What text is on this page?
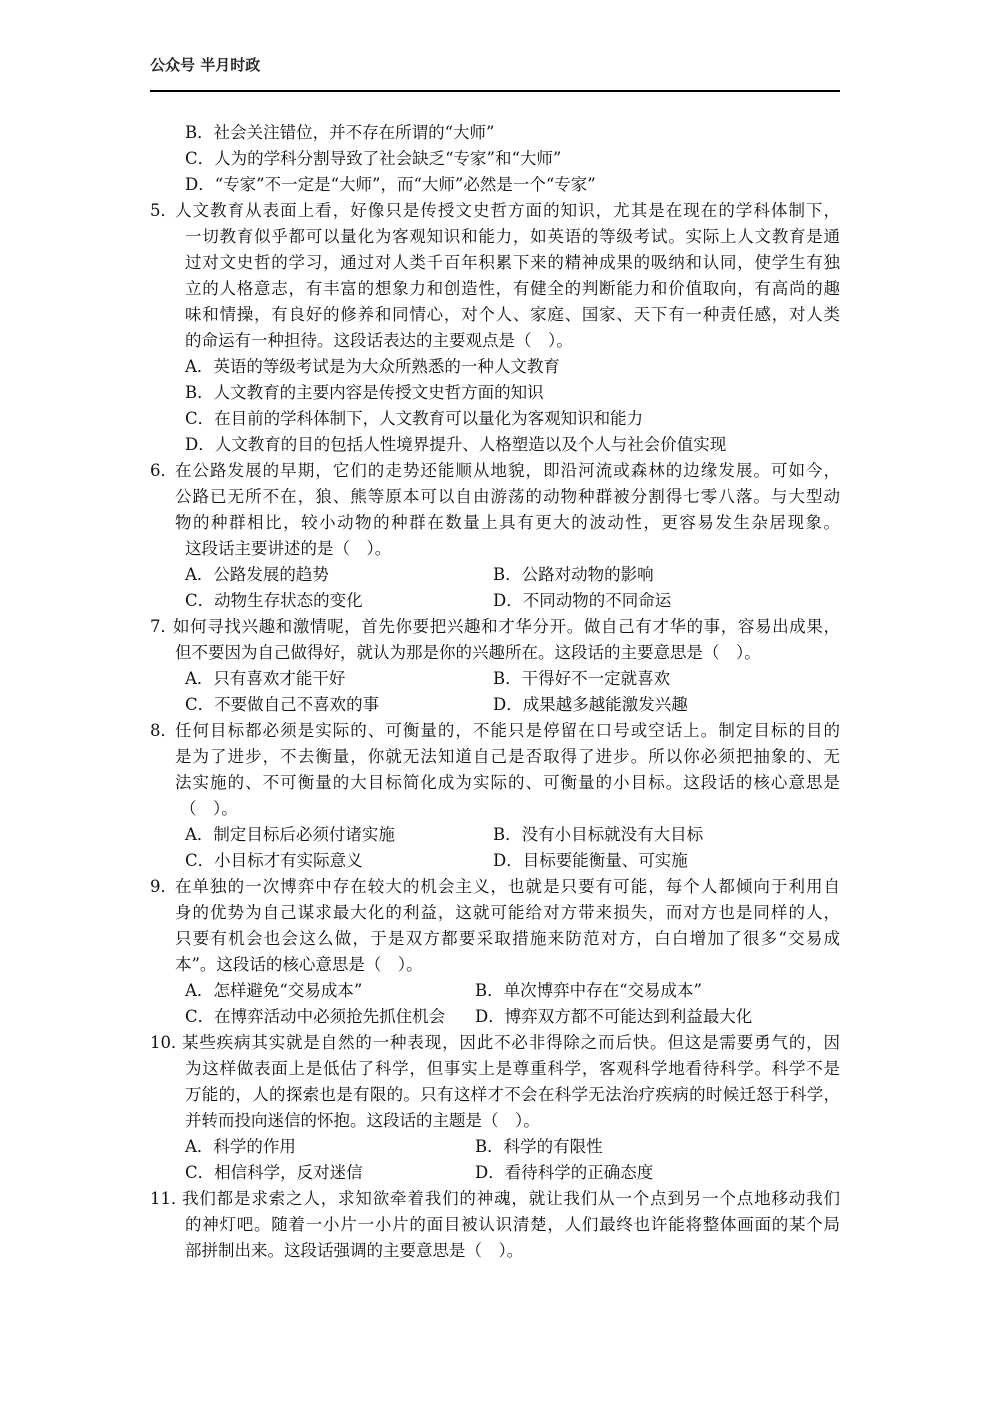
公众号 半月时政
B．社会关注错位，并不存在所谓的“大师”
C．人为的学科分割导致了社会缺乏“专家”和“大师”
D．“专家”不一定是“大师”，而“大师”必然是一个“专家”
5．
人文教育从表面上看，好像只是传授文史哲方面的知识，尤其是在现在的学科体制下，
一切教育似乎都可以量化为客观知识和能力，如英语的等级考试。实际上人文教育是通
过对文史哲的学习，通过对人类千百年积累下来的精神成果的吸纳和认同，使学生有独
立的人格意志，有丰富的想象力和创造性，有健全的判断能力和价值取向，有高尚的趣
味和情操，有良好的修养和同情心，对个人、家庭、国家、天下有一种责任感，对人类
的命运有一种担待。这段话表达的主要观点是（　）。
A．英语的等级考试是为大众所熟悉的一种人文教育
B．人文教育的主要内容是传授文史哲方面的知识
C．在目前的学科体制下，人文教育可以量化为客观知识和能力
D．人文教育的目的包括人性境界提升、人格塑造以及个人与社会价值实现
6．
在公路发展的早期，它们的走势还能顺从地貌，即沿河流或森林的边缘发展。可如今，
公路已无所不在，狼、熊等原本可以自由游荡的动物种群被分割得七零八落。与大型动
物的种群相比，较小动物的种群在数量上具有更大的波动性，更容易发生杂居现象。
这段话主要讲述的是（　）。
A．公路发展的趋势	B．公路对动物的影响
C．动物生存状态的变化	D．不同动物的不同命运
7．
如何寻找兴趣和激情呢，首先你要把兴趣和才华分开。做自己有才华的事，容易出成果，
但不要因为自己做得好，就认为那是你的兴趣所在。这段话的主要意思是（　）。
A．只有喜欢才能干好	B．干得好不一定就喜欢
C．不要做自己不喜欢的事	D．成果越多越能激发兴趣
8．
任何目标都必须是实际的、可衡量的，不能只是停留在口号或空话上。制定目标的目的
是为了进步，不去衡量，你就无法知道自己是否取得了进步。所以你必须把抽象的、无
法实施的、不可衡量的大目标简化成为实际的、可衡量的小目标。这段话的核心意思是
（　）。
A．制定目标后必须付诸实施	B．没有小目标就没有大目标
C．小目标才有实际意义	D．目标要能衡量、可实施
9．
在单独的一次博弈中存在较大的机会主义，也就是只要有可能，每个人都倾向于利用自
身的优势为自己谋求最大化的利益，这就可能给对方带来损失，而对方也是同样的人，
只要有机会也会这么做，于是双方都要采取措施来防范对方，白白增加了很多“交易成
本”。这段话的核心意思是（　）。
A．怎样避免“交易成本”	B．单次博弈中存在“交易成本”
C．在博弈活动中必须抢先抓住机会 D．博弈双方都不可能达到利益最大化
10．
某些疾病其实就是自然的一种表现，因此不必非得除之而后快。但这是需要勇气的，因
为这样做表面上是低估了科学，但事实上是尊重科学，客观科学地看待科学。科学不是
万能的，人的探索也是有限的。只有这样才不会在科学无法治疗疾病的时候迁怒于科学，
并转而投向迷信的怀抱。这段话的主题是（　）。
A．科学的作用	B．科学的有限性
C．相信科学，反对迷信	D．看待科学的正确态度
11．
我们都是求索之人，求知欲牵着我们的神魂，就让我们从一个点到另一个点地移动我们
的神灯吧。随着一小片一小片的面目被认识清楚，人们最终也许能将整体画面的某个局
部拼制出来。这段话强调的主要意思是（　）。
